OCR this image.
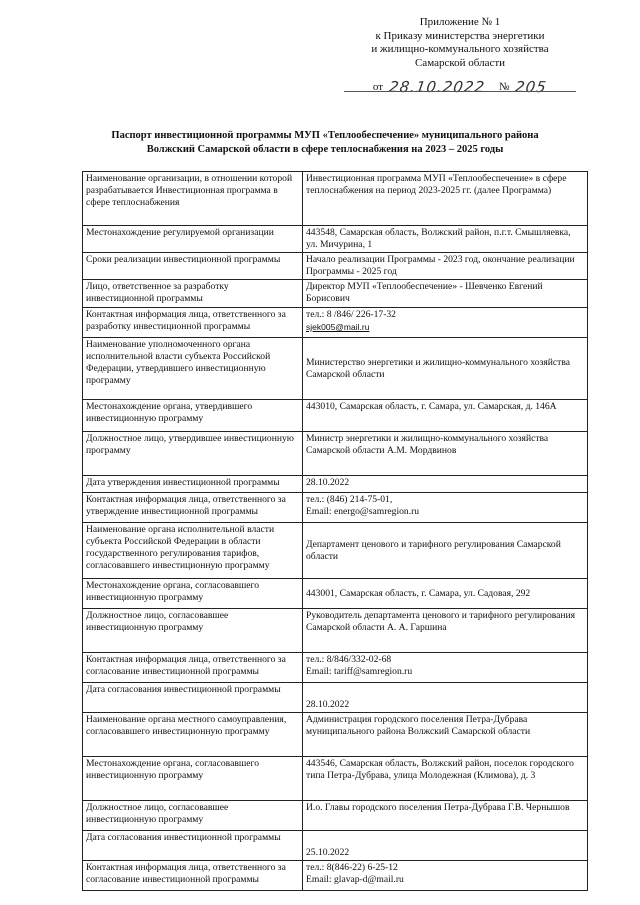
Приложение № 1
к Приказу министерства энергетики
и жилищно-коммунального хозяйства
Самарской области
от 28.10.2022 № 205
Паспорт инвестиционной программы МУП «Теплообеспечение» муниципального района
Волжский Самарской области в сфере теплоснабжения на 2023 – 2025 годы
Наименование организации, в отношении которой разрабатывается Инвестиционная программа в сфере теплоснабжения	Инвестиционная программа МУП «Теплообеспечение» в сфере теплоснабжения на период 2023-2025 гг. (далее Программа)
Местонахождение регулируемой организации	443548, Самарская область, Волжский район, п.г.т. Смышляевка, ул. Мичурина, 1
Сроки реализации инвестиционной программы	Начало реализации Программы - 2023 год, окончание реализации Программы - 2025 год
Лицо, ответственное за разработку инвестиционной программы	Директор МУП «Теплообеспечение» - Шевченко Евгений Борисович
Контактная информация лица, ответственного за разработку инвестиционной программы	тел.: 8 /846/ 226-17-32
sjek005@mail.ru

Наименование уполномоченного органа исполнительной власти субъекта Российской Федерации, утвердившего инвестиционную программу	Министерство энергетики и жилищно-коммунального хозяйства Самарской области
Местонахождение органа, утвердившего инвестиционную программу	443010, Самарская область, г. Самара, ул. Самарская, д. 146А
Должностное лицо, утвердившее инвестиционную программу	Министр энергетики и жилищно-коммунального хозяйства Самарской области А.М. Мордвинов
Дата утверждения инвестиционной программы	28.10.2022
Контактная информация лица, ответственного за утверждение инвестиционной программы	тел.: (846) 214-75-01,
Email: energo@samregion.ru

Наименование органа исполнительной власти субъекта Российской Федерации в области государственного регулирования тарифов, согласовавшего инвестиционную программу	Департамент ценового и тарифного регулирования Самарской области
Местонахождение органа, согласовавшего инвестиционную программу	443001, Самарская область, г. Самара, ул. Садовая, 292
Должностное лицо, согласовавшее инвестиционную программу	Руководитель департамента ценового и тарифного регулирования Самарской области А. А. Гаршина
Контактная информация лица, ответственного за согласование инвестиционной программы	тел.: 8/846/332-02-68
Email: tariff@samregion.ru

Дата согласования инвестиционной программы	28.10.2022
Наименование органа местного самоуправления, согласовавшего инвестиционную программу	Администрация городского поселения Петра-Дубрава муниципального района Волжский Самарской области
Местонахождение органа, согласовавшего инвестиционную программу	443546, Самарская область, Волжский район, поселок городского типа Петра-Дубрава, улица Молодежная (Климова), д. 3
Должностное лицо, согласовавшее инвестиционную программу	И.о. Главы городского поселения Петра-Дубрава Г.В. Чернышов
Дата согласования инвестиционной программы	25.10.2022
Контактная информация лица, ответственного за согласование инвестиционной программы	тел.: 8(846-22) 6-25-12
Email: glavap-d@mail.ru
